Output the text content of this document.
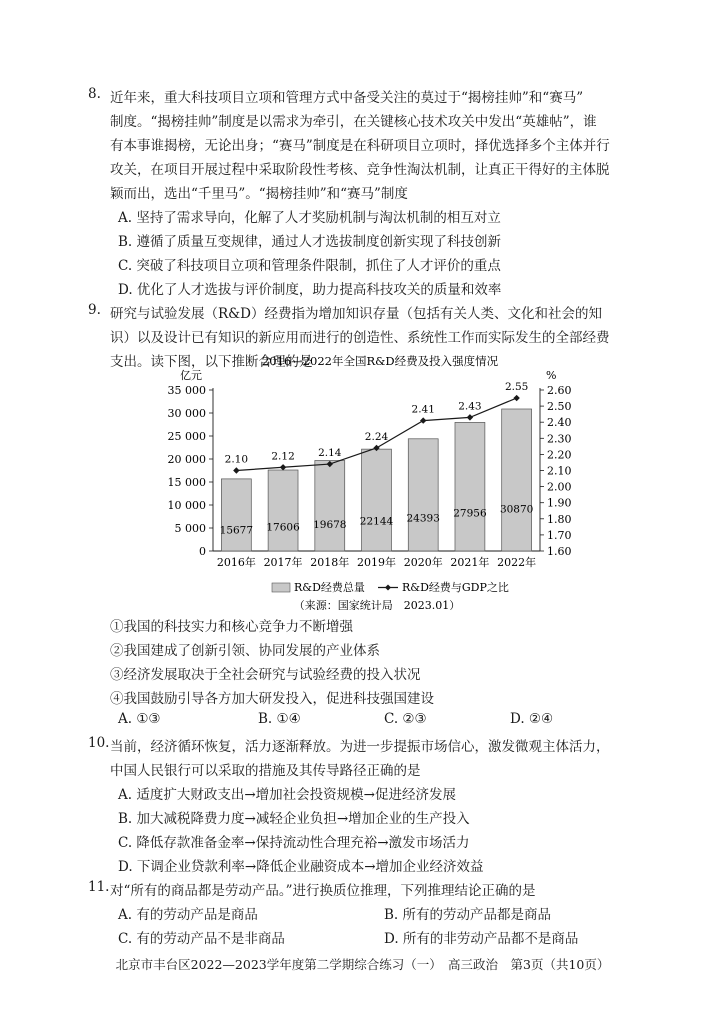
8. 近年来，重大科技项目立项和管理方式中备受关注的莫过于“揭榜挂帅”和“赛马”
制度。“揭榜挂帅”制度是以需求为牵引，在关键核心技术攻关中发出“英雄帖”，谁
有本事谁揭榜，无论出身；“赛马”制度是在科研项目立项时，择优选择多个主体并行
攻关，在项目开展过程中采取阶段性考核、竞争性淘汰机制，让真正干得好的主体脱
颖而出，选出“千里马”。“揭榜挂帅”和“赛马”制度
A. 坚持了需求导向，化解了人才奖励机制与淘汰机制的相互对立
B. 遵循了质量互变规律，通过人才选拔制度创新实现了科技创新
C. 突破了科技项目立项和管理条件限制，抓住了人才评价的重点
D. 优化了人才选拔与评价制度，助力提高科技攻关的质量和效率
9. 研究与试验发展（R&D）经费指为增加知识存量（包括有关人类、文化和社会的知
识）以及设计已有知识的新应用而进行的创造性、系统性工作而实际发生的全部经费
支出。读下图，以下推断合理的是
2016—2022年全国R&D经费及投入强度情况
亿元	%
0
5 000
10 000
15 000
20 000
25 000
30 000
35 000
1.60
1.70
1.80
1.90
2.00
2.10
2.20
2.30
2.40
2.50
2.60
15677 17606 19678 22144 24393 27956 30870
2.10 2.12 2.14
2.24
2.41 2.43
2.55
2016年 2017年 2018年 2019年 2020年 2021年 2022年
R&D经费总量	R&D经费与GDP之比
（来源：国家统计局　2023.01）
①我国的科技实力和核心竞争力不断增强
②我国建成了创新引领、协同发展的产业体系
③经济发展取决于全社会研究与试验经费的投入状况
④我国鼓励引导各方加大研发投入，促进科技强国建设
A. ①③	B. ①④	C. ②③	D. ②④
10. 当前，经济循环恢复，活力逐渐释放。为进一步提振市场信心，激发微观主体活力，
中国人民银行可以采取的措施及其传导路径正确的是
A. 适度扩大财政支出→增加社会投资规模→促进经济发展
B. 加大减税降费力度→减轻企业负担→增加企业的生产投入
C. 降低存款准备金率→保持流动性合理充裕→激发市场活力
D. 下调企业贷款利率→降低企业融资成本→增加企业经济效益
11. 对“所有的商品都是劳动产品。”进行换质位推理，下列推理结论正确的是
A. 有的劳动产品是商品	B. 所有的劳动产品都是商品
C. 有的劳动产品不是非商品	D. 所有的非劳动产品都不是商品
北京市丰台区2022—2023学年度第二学期综合练习（一）　高三政治　第3页（共10页）
